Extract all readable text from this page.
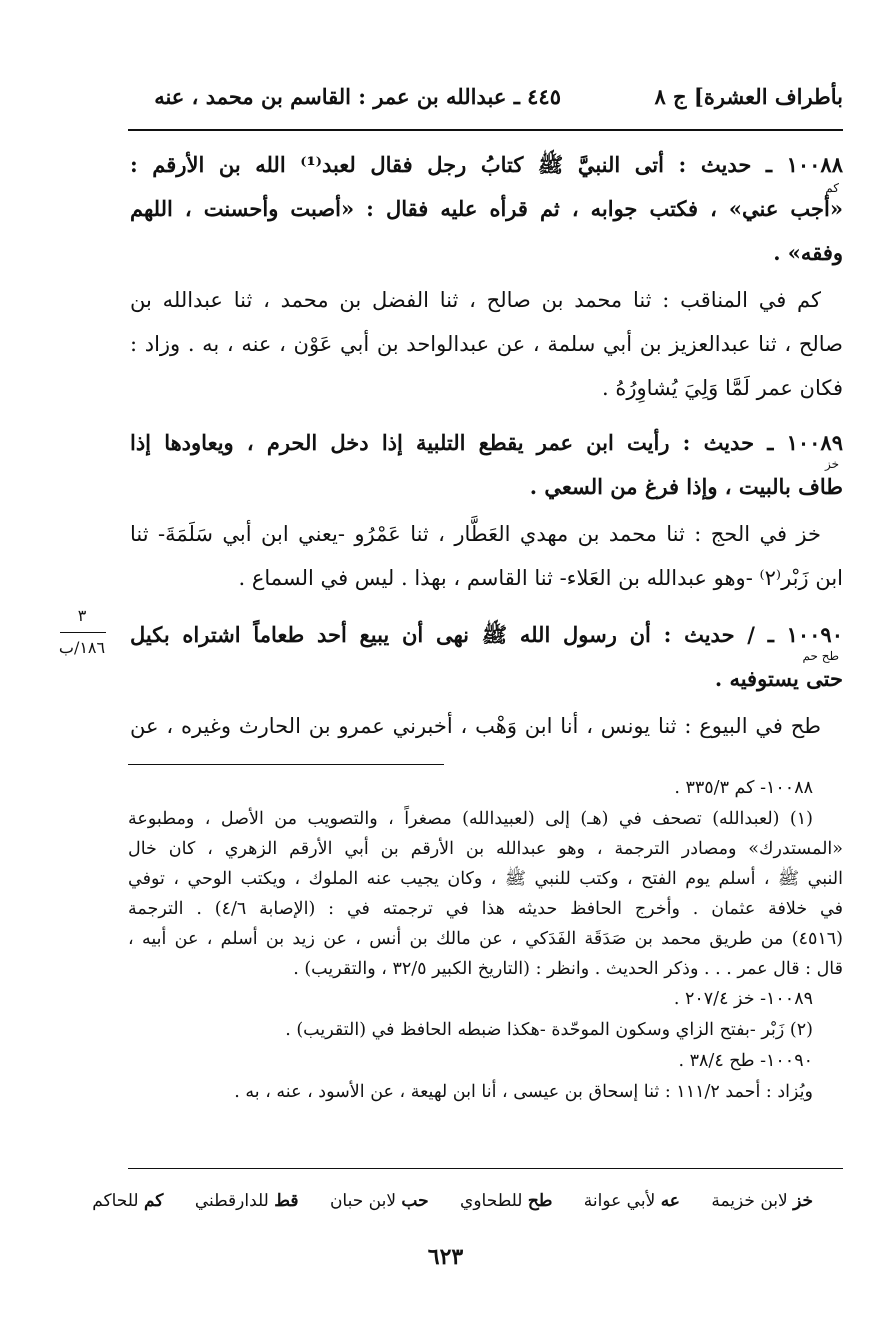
بأطراف العشرة] ج ٨
٤٤٥ ـ عبدالله بن عمر : القاسم بن محمد ، عنه
١٠٠٨٨ ـ حديث : أتى النبيَّ ﷺ كتابُ رجل فقال لعبد⁽¹⁾ الله بن الأرقم :
كم
«أجب عني» ، فكتب جوابه ، ثم قرأه عليه فقال : «أصبت وأحسنت ، اللهم
وفقه» .
كم في المناقب : ثنا محمد بن صالح ، ثنا الفضل بن محمد ، ثنا عبدالله بن
صالح ، ثنا عبدالعزيز بن أبي سلمة ، عن عبدالواحد بن أبي عَوْن ، عنه ، به . وزاد :
فكان عمر لَمَّا وَلِيَ يُشاوِرُهُ .
١٠٠٨٩ ـ حديث : رأيت ابن عمر يقطع التلبية إذا دخل الحرم ، ويعاودها إذا
خز
طاف بالبيت ، وإذا فرغ من السعي .
خز في الحج : ثنا محمد بن مهدي العَطَّار ، ثنا عَمْرُو -يعني ابن أبي سَلَمَةَ- ثنا
ابن زَبْر⁽٢⁾ -وهو عبدالله بن العَلاء- ثنا القاسم ، بهذا . ليس في السماع .
٣
١٨٦/ب
١٠٠٩٠ ـ / حديث : أن رسول الله ﷺ نهى أن يبيع أحد طعاماً اشتراه بكيل
طح حم
حتى يستوفيه .
طح في البيوع : ثنا يونس ، أنا ابن وَهْب ، أخبرني عمرو بن الحارث وغيره ، عن
١٠٠٨٨- كم ٣٣٥/٣ .
(١) (لعبدالله) تصحف في (هـ) إلى (لعبيدالله) مصغراً ، والتصويب من الأصل ، ومطبوعة
«المستدرك» ومصادر الترجمة ، وهو عبدالله بن الأرقم بن أبي الأرقم الزهري ، كان خال
النبي ﷺ ، أسلم يوم الفتح ، وكتب للنبي ﷺ ، وكان يجيب عنه الملوك ، ويكتب الوحي ، توفي
في خلافة عثمان . وأخرج الحافظ حديثه هذا في ترجمته في : (الإصابة ٤/٦) . الترجمة
(٤٥١٦) من طريق محمد بن صَدَقَة الفَدَكي ، عن مالك بن أنس ، عن زيد بن أسلم ، عن أبيه ،
قال : قال عمر . . . وذكر الحديث . وانظر : (التاريخ الكبير ٣٢/٥ ، والتقريب) .
١٠٠٨٩- خز ٢٠٧/٤ .
(٢) زَبْر -بفتح الزاي وسكون الموحّدة -هكذا ضبطه الحافظ في (التقريب) .
١٠٠٩٠- طح ٣٨/٤ .
ويُزاد : أحمد ١١١/٢ : ثنا إسحاق بن عيسى ، أنا ابن لهيعة ، عن الأسود ، عنه ، به .
خز لابن خزيمة عه لأبي عوانة طح للطحاوي حب لابن حبان قط للدارقطني كم للحاكم
٦٢٣
